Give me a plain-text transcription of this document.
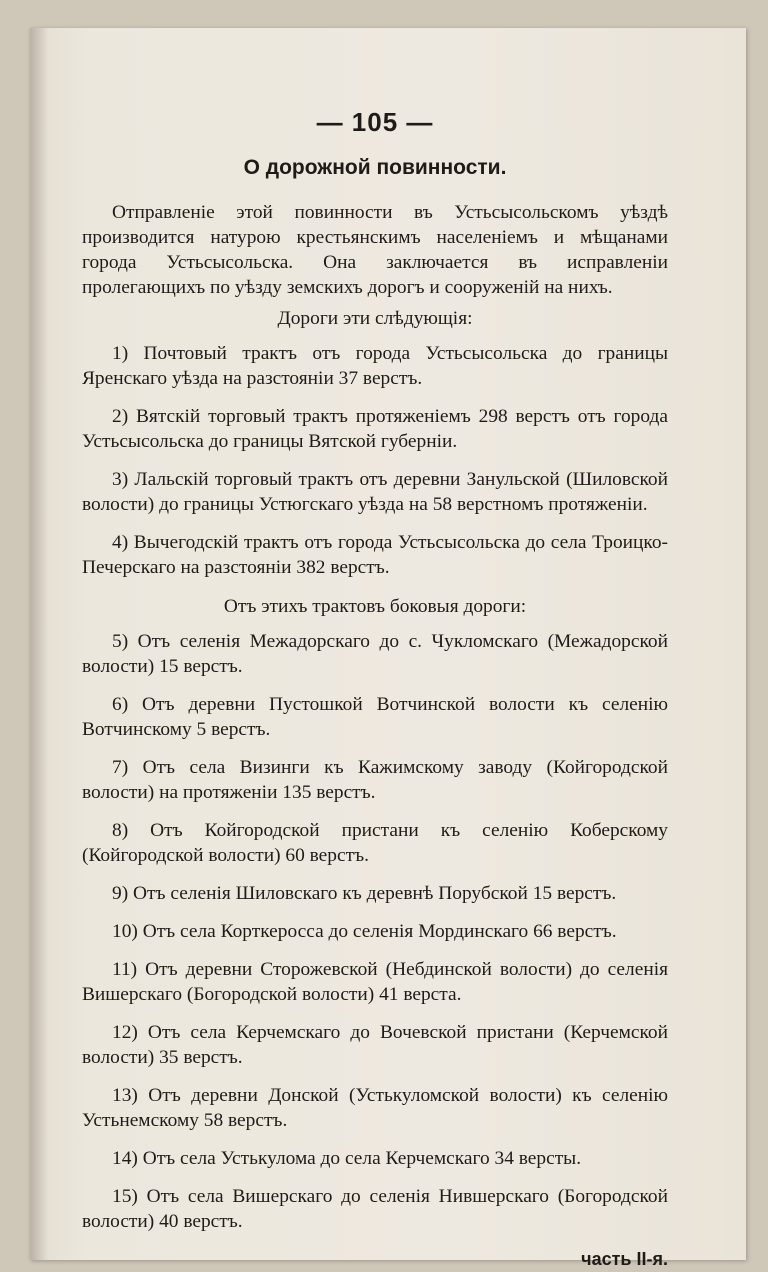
— 105 —
О дорожной повинности.

Отправленіе этой повинности въ Устьсысольскомъ уѣздѣ производится натурою крестьянскимъ населеніемъ и мѣщанами города Устьсысольска. Она заключается въ исправленіи пролегающихъ по уѣзду земскихъ дорогъ и сооруженій на нихъ.

Дороги эти слѣдующія:

1) Почтовый трактъ отъ города Устьсысольска до границы Яренскаго уѣзда на разстояніи 37 верстъ.

2) Вятскій торговый трактъ протяженіемъ 298 верстъ отъ города Устьсысольска до границы Вятской губерніи.

3) Лальскій торговый трактъ отъ деревни Занульской (Шиловской волости) до границы Устюгскаго уѣзда на 58 верстномъ протяженіи.

4) Вычегодскій трактъ отъ города Устьсысольска до села Троицко-Печерскаго на разстояніи 382 верстъ.

Отъ этихъ трактовъ боковыя дороги:

5) Отъ селенія Межадорскаго до с. Чукломскаго (Межадорской волости) 15 верстъ.

6) Отъ деревни Пустошкой Вотчинской волости къ селенію Вотчинскому 5 верстъ.

7) Отъ села Визинги къ Кажимскому заводу (Койгородской волости) на протяженіи 135 верстъ.

8) Отъ Койгородской пристани къ селенію Коберскому (Койгородской волости) 60 верстъ.

9) Отъ селенія Шиловскаго къ деревнѣ Порубской 15 верстъ.

10) Отъ села Корткеросса до селенія Мординскаго 66 верстъ.

11) Отъ деревни Сторожевской (Небдинской волости) до селенія Вишерскаго (Богородской волости) 41 верста.

12) Отъ села Керчемскаго до Вочевской пристани (Керчемской волости) 35 верстъ.

13) Отъ деревни Донской (Устькуломской волости) къ селенію Устьнемскому 58 верстъ.

14) Отъ села Устькулома до села Керчемскаго 34 версты.

15) Отъ села Вишерскаго до селенія Нившерскаго (Богородской волости) 40 верстъ.

часть II-я.
